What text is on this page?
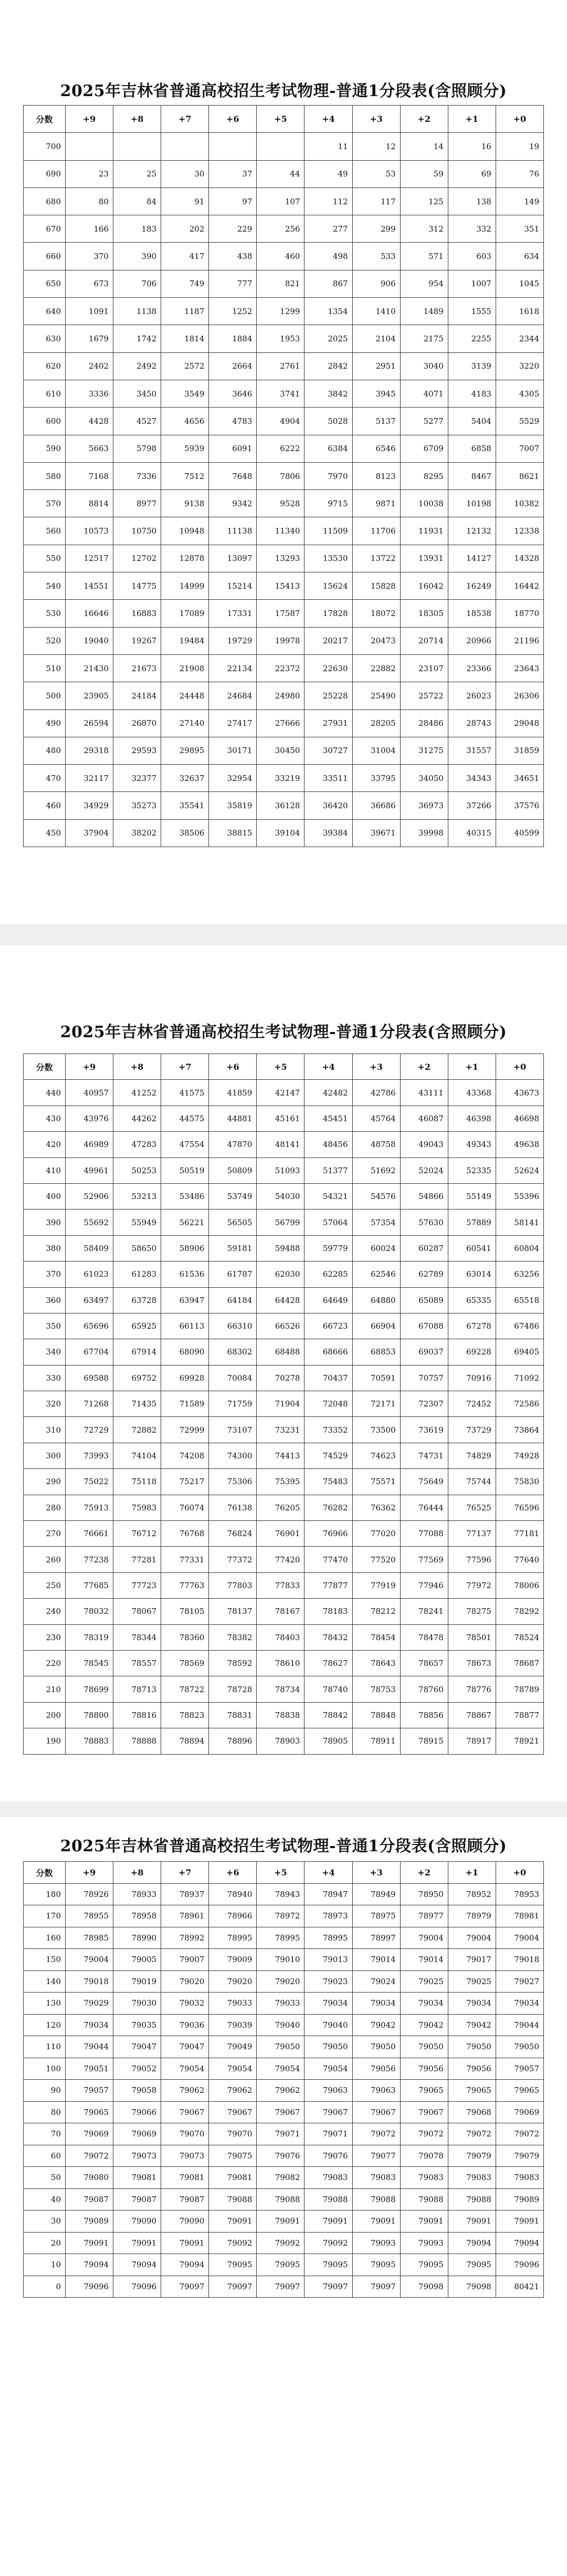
2025年吉林省普通高校招生考试物理-普通1分段表(含照顾分)
分数	+9	+8	+7	+6	+5	+4	+3	+2	+1	+0
700						11	12	14	16	19
690	23	25	30	37	44	49	53	59	69	76
680	80	84	91	97	107	112	117	125	138	149
670	166	183	202	229	256	277	299	312	332	351
660	370	390	417	438	460	498	533	571	603	634
650	673	706	749	777	821	867	906	954	1007	1045
640	1091	1138	1187	1252	1299	1354	1410	1489	1555	1618
630	1679	1742	1814	1884	1953	2025	2104	2175	2255	2344
620	2402	2492	2572	2664	2761	2842	2951	3040	3139	3220
610	3336	3450	3549	3646	3741	3842	3945	4071	4183	4305
600	4428	4527	4656	4783	4904	5028	5137	5277	5404	5529
590	5663	5798	5939	6091	6222	6384	6546	6709	6858	7007
580	7168	7336	7512	7648	7806	7970	8123	8295	8467	8621
570	8814	8977	9138	9342	9528	9715	9871	10038	10198	10382
560	10573	10750	10948	11138	11340	11509	11706	11931	12132	12338
550	12517	12702	12878	13097	13293	13530	13722	13931	14127	14328
540	14551	14775	14999	15214	15413	15624	15828	16042	16249	16442
530	16646	16883	17089	17331	17587	17828	18072	18305	18538	18770
520	19040	19267	19484	19729	19978	20217	20473	20714	20966	21196
510	21430	21673	21908	22134	22372	22630	22882	23107	23366	23643
500	23905	24184	24448	24684	24980	25228	25490	25722	26023	26306
490	26594	26870	27140	27417	27666	27931	28205	28486	28743	29048
480	29318	29593	29895	30171	30450	30727	31004	31275	31557	31859
470	32117	32377	32637	32954	33219	33511	33795	34050	34343	34651
460	34929	35273	35541	35819	36128	36420	36686	36973	37266	37576
450	37904	38202	38506	38815	39104	39384	39671	39998	40315	40599
2025年吉林省普通高校招生考试物理-普通1分段表(含照顾分)
分数	+9	+8	+7	+6	+5	+4	+3	+2	+1	+0
440	40957	41252	41575	41859	42147	42482	42786	43111	43368	43673
430	43976	44262	44575	44881	45161	45451	45764	46087	46398	46698
420	46989	47283	47554	47870	48141	48456	48758	49043	49343	49638
410	49961	50253	50519	50809	51093	51377	51692	52024	52335	52624
400	52906	53213	53486	53749	54030	54321	54576	54866	55149	55396
390	55692	55949	56221	56505	56799	57064	57354	57630	57889	58141
380	58409	58650	58906	59181	59488	59779	60024	60287	60541	60804
370	61023	61283	61536	61787	62030	62285	62546	62789	63014	63256
360	63497	63728	63947	64184	64428	64649	64880	65089	65335	65518
350	65696	65925	66113	66310	66526	66723	66904	67088	67278	67486
340	67704	67914	68090	68302	68488	68666	68853	69037	69228	69405
330	69588	69752	69928	70084	70278	70437	70591	70757	70916	71092
320	71268	71435	71589	71759	71904	72048	72171	72307	72452	72586
310	72729	72882	72999	73107	73231	73352	73500	73619	73729	73864
300	73993	74104	74208	74300	74413	74529	74623	74731	74829	74928
290	75022	75118	75217	75306	75395	75483	75571	75649	75744	75830
280	75913	75983	76074	76138	76205	76282	76362	76444	76525	76596
270	76661	76712	76768	76824	76901	76966	77020	77088	77137	77181
260	77238	77281	77331	77372	77420	77470	77520	77569	77596	77640
250	77685	77723	77763	77803	77833	77877	77919	77946	77972	78006
240	78032	78067	78105	78137	78167	78183	78212	78241	78275	78292
230	78319	78344	78360	78382	78403	78432	78454	78478	78501	78524
220	78545	78557	78569	78592	78610	78627	78643	78657	78673	78687
210	78699	78713	78722	78728	78734	78740	78753	78760	78776	78789
200	78800	78816	78823	78831	78838	78842	78848	78856	78867	78877
190	78883	78888	78894	78896	78903	78905	78911	78915	78917	78921
2025年吉林省普通高校招生考试物理-普通1分段表(含照顾分)
分数	+9	+8	+7	+6	+5	+4	+3	+2	+1	+0
180	78926	78933	78937	78940	78943	78947	78949	78950	78952	78953
170	78955	78958	78961	78966	78972	78973	78975	78977	78979	78981
160	78985	78990	78992	78995	78995	78995	78997	79004	79004	79004
150	79004	79005	79007	79009	79010	79013	79014	79014	79017	79018
140	79018	79019	79020	79020	79020	79023	79024	79025	79025	79027
130	79029	79030	79032	79033	79033	79034	79034	79034	79034	79034
120	79034	79035	79036	79039	79040	79040	79042	79042	79042	79044
110	79044	79047	79047	79049	79050	79050	79050	79050	79050	79050
100	79051	79052	79054	79054	79054	79054	79056	79056	79056	79057
90	79057	79058	79062	79062	79062	79063	79063	79065	79065	79065
80	79065	79066	79067	79067	79067	79067	79067	79067	79068	79069
70	79069	79069	79070	79070	79071	79071	79072	79072	79072	79072
60	79072	79073	79073	79075	79076	79076	79077	79078	79079	79079
50	79080	79081	79081	79081	79082	79083	79083	79083	79083	79083
40	79087	79087	79087	79088	79088	79088	79088	79088	79088	79089
30	79089	79090	79090	79091	79091	79091	79091	79091	79091	79091
20	79091	79091	79091	79092	79092	79092	79093	79093	79094	79094
10	79094	79094	79094	79095	79095	79095	79095	79095	79095	79096
0	79096	79096	79097	79097	79097	79097	79097	79098	79098	80421
